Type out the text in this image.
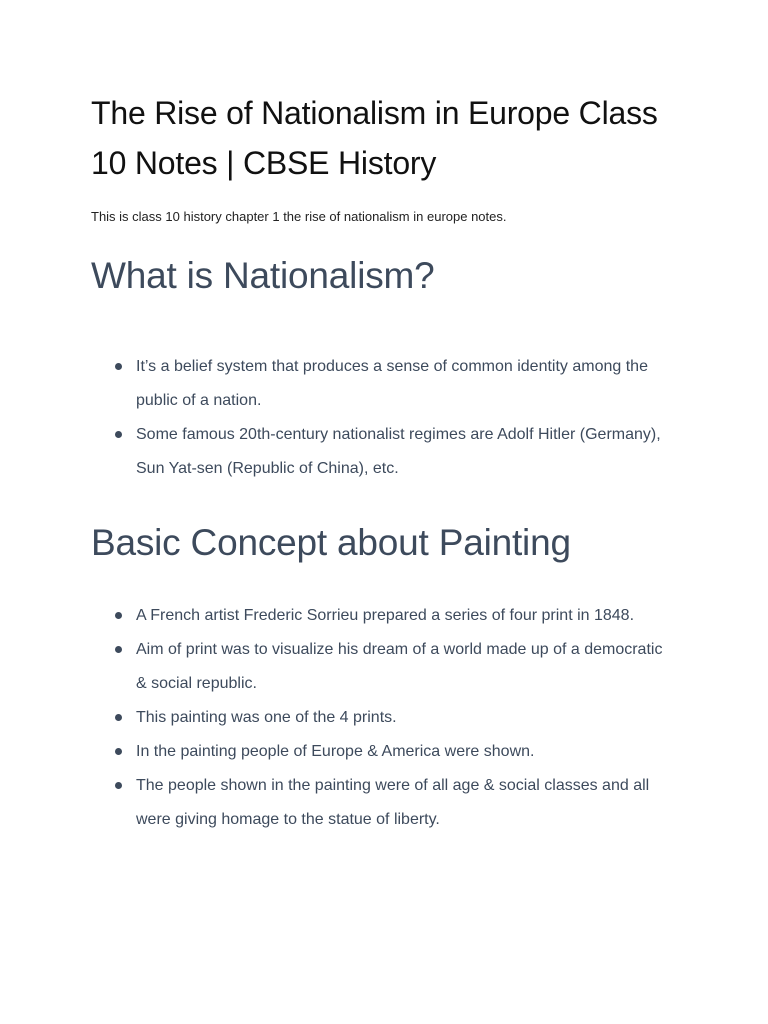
The Rise of Nationalism in Europe Class 10 Notes | CBSE History

This is class 10 history chapter 1 the rise of nationalism in europe notes.

What is Nationalism?
It’s a belief system that produces a sense of common identity among the public of a nation.
Some famous 20th-century nationalist regimes are Adolf Hitler (Germany), Sun Yat-sen (Republic of China), etc.
Basic Concept about Painting
A French artist Frederic Sorrieu prepared a series of four print in 1848.
Aim of print was to visualize his dream of a world made up of a democratic & social republic.
This painting was one of the 4 prints.
In the painting people of Europe & America were shown.
The people shown in the painting were of all age & social classes and all were giving homage to the statue of liberty.
